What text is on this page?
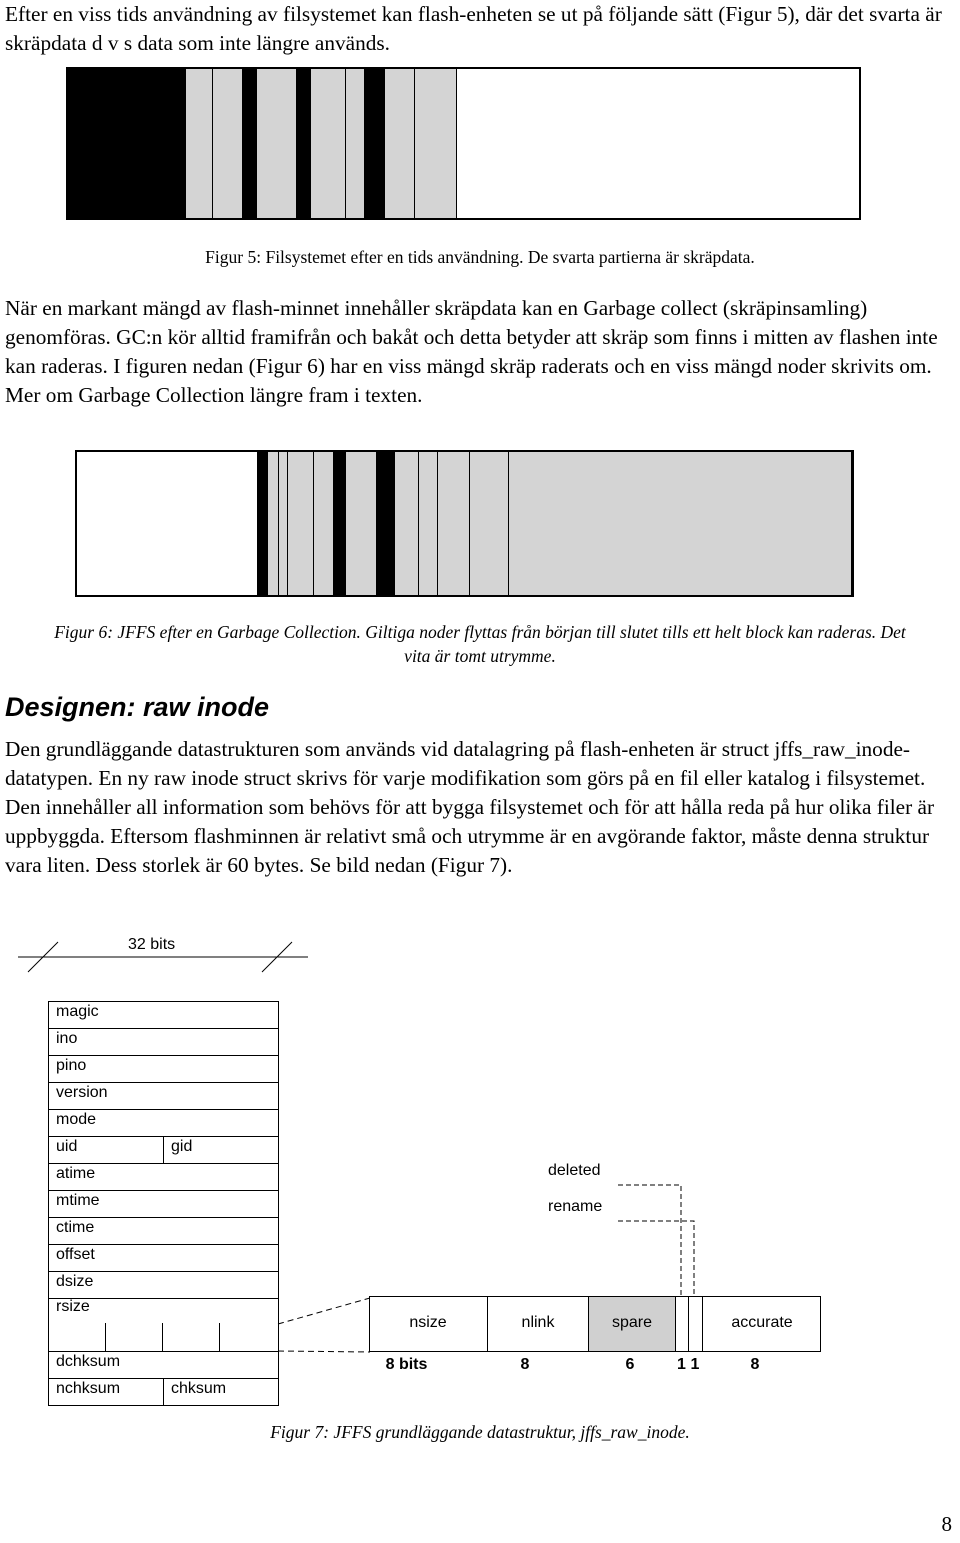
Efter en viss tids användning av filsystemet kan flash-enheten se ut på följande sätt (Figur 5), där det svarta är skräpdata d v s data som inte längre används.
Figur 5: Filsystemet efter en tids användning. De svarta partierna är skräpdata.
När en markant mängd av flash-minnet innehåller skräpdata kan en Garbage collect (skräpinsamling) genomföras. GC:n kör alltid framifrån och bakåt och detta betyder att skräp som finns i mitten av flashen inte kan raderas. I figuren nedan (Figur 6) har en viss mängd skräp raderats och en viss mängd noder skrivits om. Mer om Garbage Collection längre fram i texten.
Figur 6: JFFS efter en Garbage Collection. Giltiga noder flyttas från början till slutet tills ett helt block kan raderas. Det vita är tomt utrymme.
Designen: raw inode
Den grundläggande datastrukturen som används vid datalagring på flash-enheten är struct jffs_raw_inode-datatypen. En ny raw inode struct skrivs för varje modifikation som görs på en fil eller katalog i filsystemet. Den innehåller all information som behövs för att bygga filsystemet och för att hålla reda på hur olika filer är uppbyggda. Eftersom flashminnen är relativt små och utrymme är en avgörande faktor, måste denna struktur vara liten. Dess storlek är 60 bytes. Se bild nedan (Figur 7).
32 bits
magic
ino
pino
version
mode
uid	gid
atime
mtime
ctime
offset
dsize
rsize
dchksum
nchksum	chksum
nsize	nlink	spare	accurate
deleted
rename
8 bits	8	6	1 1	8
Figur 7: JFFS grundläggande datastruktur, jffs_raw_inode.
8
